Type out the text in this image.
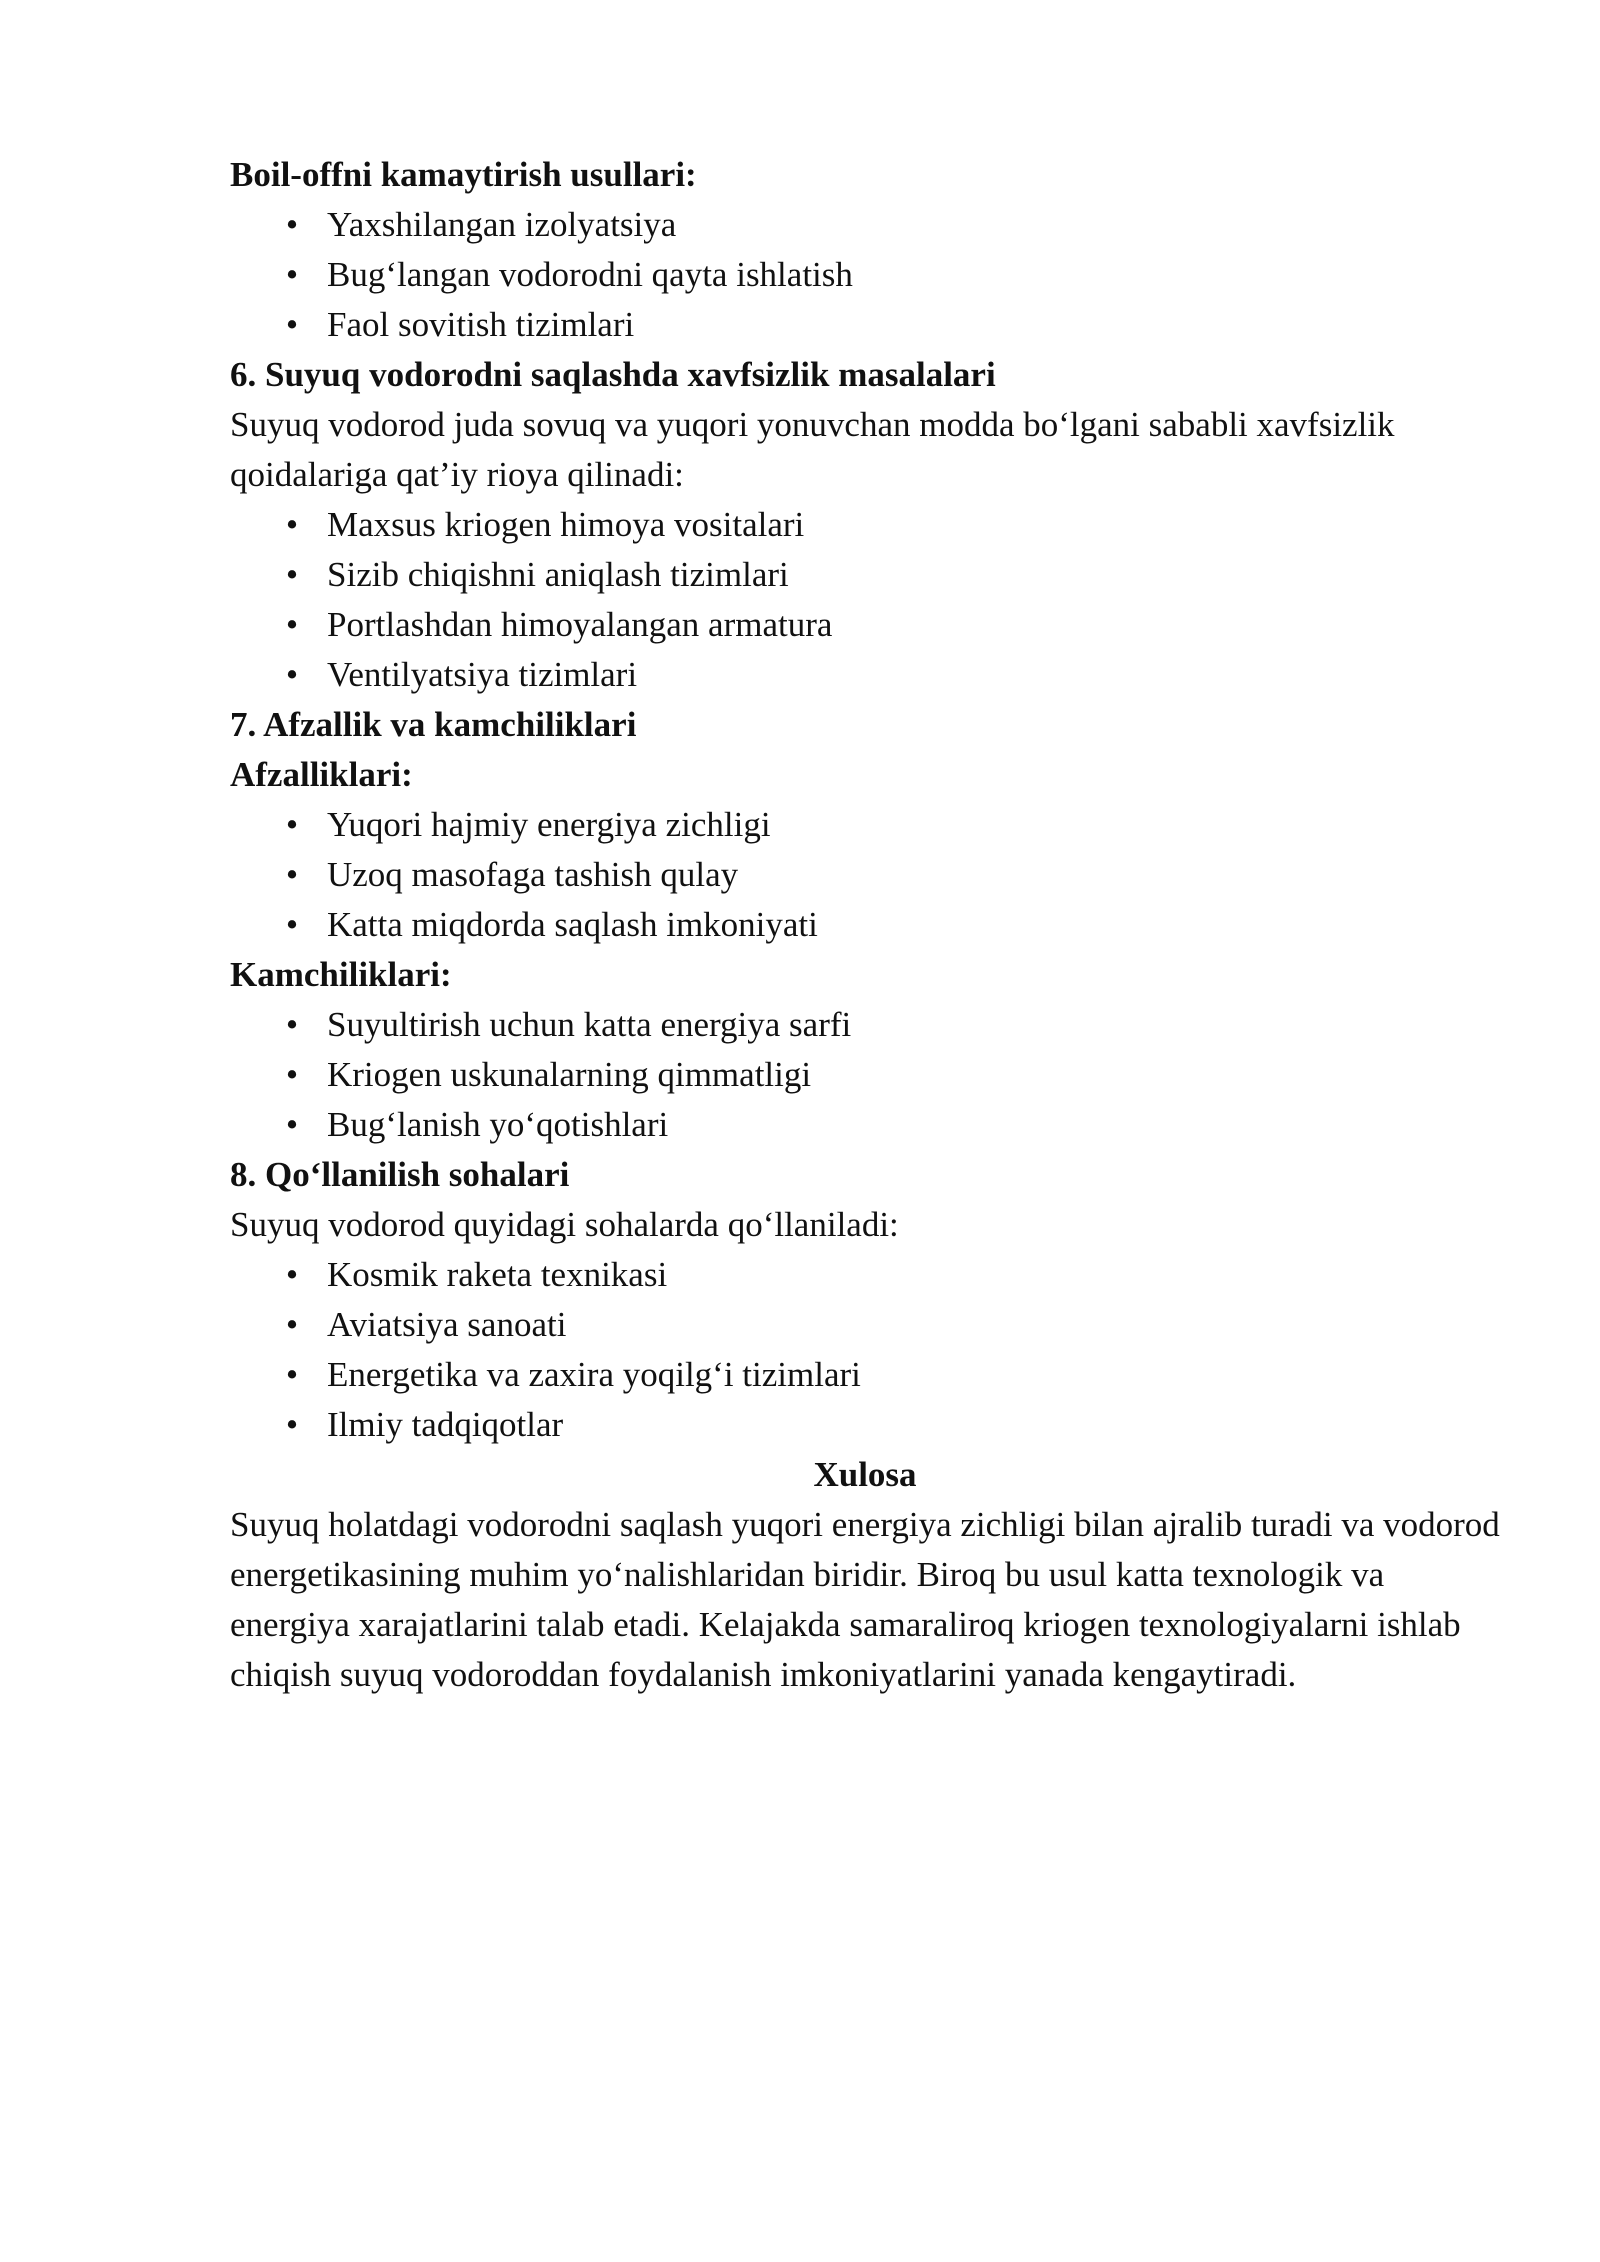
Boil-offni kamaytirish usullari:

• Yaxshilangan izolyatsiya
• Bug‘langan vodorodni qayta ishlatish
• Faol sovitish tizimlari

6. Suyuq vodorodni saqlashda xavfsizlik masalalari

Suyuq vodorod juda sovuq va yuqori yonuvchan modda bo‘lgani sababli xavfsizlik qoidalariga qat’iy rioya qilinadi:

• Maxsus kriogen himoya vositalari
• Sizib chiqishni aniqlash tizimlari
• Portlashdan himoyalangan armatura
• Ventilyatsiya tizimlari

7. Afzallik va kamchiliklari

Afzalliklari:

• Yuqori hajmiy energiya zichligi
• Uzoq masofaga tashish qulay
• Katta miqdorda saqlash imkoniyati

Kamchiliklari:

• Suyultirish uchun katta energiya sarfi
• Kriogen uskunalarning qimmatligi
• Bug‘lanish yo‘qotishlari

8. Qo‘llanilish sohalari

Suyuq vodorod quyidagi sohalarda qo‘llaniladi:

• Kosmik raketa texnikasi
• Aviatsiya sanoati
• Energetika va zaxira yoqilg‘i tizimlari
• Ilmiy tadqiqotlar

Xulosa

Suyuq holatdagi vodorodni saqlash yuqori energiya zichligi bilan ajralib turadi va vodorod energetikasining muhim yo‘nalishlaridan biridir. Biroq bu usul katta texnologik va energiya xarajatlarini talab etadi. Kelajakda samaraliroq kriogen texnologiyalarni ishlab chiqish suyuq vodoroddan foydalanish imkoniyatlarini yanada kengaytiradi.
